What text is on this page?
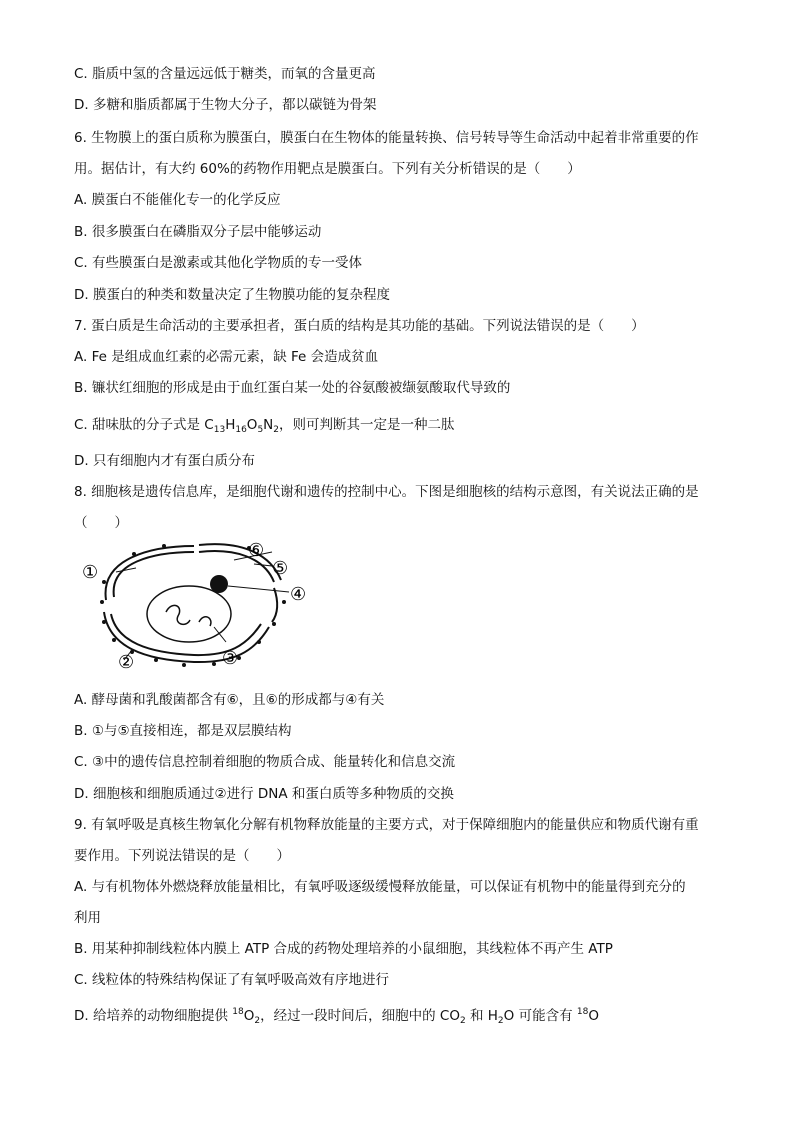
C. 脂质中氢的含量远远低于糖类，而氧的含量更高
D. 多糖和脂质都属于生物大分子，都以碳链为骨架
6. 生物膜上的蛋白质称为膜蛋白，膜蛋白在生物体的能量转换、信号转导等生命活动中起着非常重要的作
用。据估计，有大约 60%的药物作用靶点是膜蛋白。下列有关分析错误的是（　　）
A. 膜蛋白不能催化专一的化学反应
B. 很多膜蛋白在磷脂双分子层中能够运动
C. 有些膜蛋白是激素或其他化学物质的专一受体
D. 膜蛋白的种类和数量决定了生物膜功能的复杂程度
7. 蛋白质是生命活动的主要承担者，蛋白质的结构是其功能的基础。下列说法错误的是（　　）
A. Fe 是组成血红素的必需元素，缺 Fe 会造成贫血
B. 镰状红细胞的形成是由于血红蛋白某一处的谷氨酸被缬氨酸取代导致的
C. 甜味肽的分子式是 $C_{13}H_{16}O_5N_2$，则可判断其一定是一种二肽
D. 只有细胞内才有蛋白质分布
8. 细胞核是遗传信息库，是细胞代谢和遗传的控制中心。下图是细胞核的结构示意图，有关说法正确的是
（　　）
①
②	③
④
⑤
⑥
A. 酵母菌和乳酸菌都含有⑥，且⑥的形成都与④有关
B. ①与⑤直接相连，都是双层膜结构
C. ③中的遗传信息控制着细胞的物质合成、能量转化和信息交流
D. 细胞核和细胞质通过②进行 DNA 和蛋白质等多种物质的交换
9. 有氧呼吸是真核生物氧化分解有机物释放能量的主要方式，对于保障细胞内的能量供应和物质代谢有重
要作用。下列说法错误的是（　　）
A. 与有机物体外燃烧释放能量相比，有氧呼吸逐级缓慢释放能量，可以保证有机物中的能量得到充分的
利用
B. 用某种抑制线粒体内膜上 ATP 合成的药物处理培养的小鼠细胞，其线粒体不再产生 ATP
C. 线粒体的特殊结构保证了有氧呼吸高效有序地进行
D. 给培养的动物细胞提供 $^{18}O_2$，经过一段时间后，细胞中的 $CO_2$ 和 $H_2O$ 可能含有 $^{18}$O
